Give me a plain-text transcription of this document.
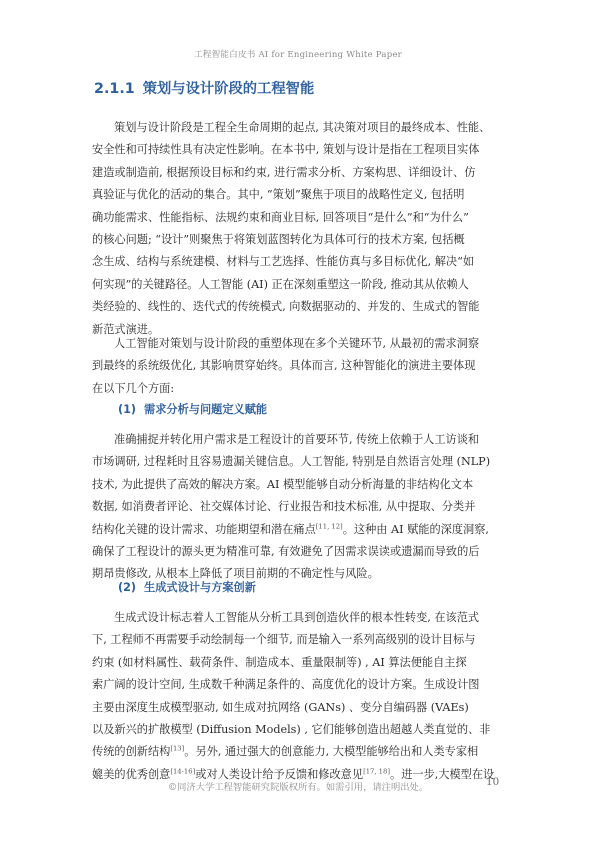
工程智能白皮书 AI for Engineering White Paper
2.1.1 策划与设计阶段的工程智能

策划与设计阶段是工程全生命周期的起点, 其决策对项目的最终成本、性能、
安全性和可持续性具有决定性影响。在本书中, 策划与设计是指在工程项目实体
建造或制造前, 根据预设目标和约束, 进行需求分析、方案构思、详细设计、仿
真验证与优化的活动的集合。其中, “策划”聚焦于项目的战略性定义, 包括明
确功能需求、性能指标、法规约束和商业目标, 回答项目“是什么”和“为什么”
的核心问题; “设计”则聚焦于将策划蓝图转化为具体可行的技术方案, 包括概
念生成、结构与系统建模、材料与工艺选择、性能仿真与多目标优化, 解决“如
何实现”的关键路径。人工智能 (AI) 正在深刻重塑这一阶段, 推动其从依赖人
类经验的、线性的、迭代式的传统模式, 向数据驱动的、并发的、生成式的智能
新范式演进。

人工智能对策划与设计阶段的重塑体现在多个关键环节, 从最初的需求洞察
到最终的系统级优化, 其影响贯穿始终。具体而言, 这种智能化的演进主要体现
在以下几个方面:

(1) 需求分析与问题定义赋能

准确捕捉并转化用户需求是工程设计的首要环节, 传统上依赖于人工访谈和
市场调研, 过程耗时且容易遗漏关键信息。人工智能, 特别是自然语言处理 (NLP)
技术, 为此提供了高效的解决方案。AI 模型能够自动分析海量的非结构化文本
数据, 如消费者评论、社交媒体讨论、行业报告和技术标准, 从中提取、分类并
结构化关键的设计需求、功能期望和潜在痛点[11, 12]。这种由 AI 赋能的深度洞察,
确保了工程设计的源头更为精准可靠, 有效避免了因需求误读或遗漏而导致的后
期昂贵修改, 从根本上降低了项目前期的不确定性与风险。

(2) 生成式设计与方案创新

生成式设计标志着人工智能从分析工具到创造伙伴的根本性转变, 在该范式
下, 工程师不再需要手动绘制每一个细节, 而是输入一系列高级别的设计目标与
约束 (如材料属性、载荷条件、制造成本、重量限制等) , AI 算法便能自主探
索广阔的设计空间, 生成数千种满足条件的、高度优化的设计方案。生成设计图
主要由深度生成模型驱动, 如生成对抗网络 (GANs) 、变分自编码器 (VAEs)
以及新兴的扩散模型 (Diffusion Models) , 它们能够创造出超越人类直觉的、非
传统的创新结构[13]。另外, 通过强大的创意能力, 大模型能够给出和人类专家相
媲美的优秀创意[14-16]或对人类设计给予反馈和修改意见[17, 18]。进一步,大模型在设

©同济大学工程智能研究院版权所有。如需引用，请注明出处。	10
